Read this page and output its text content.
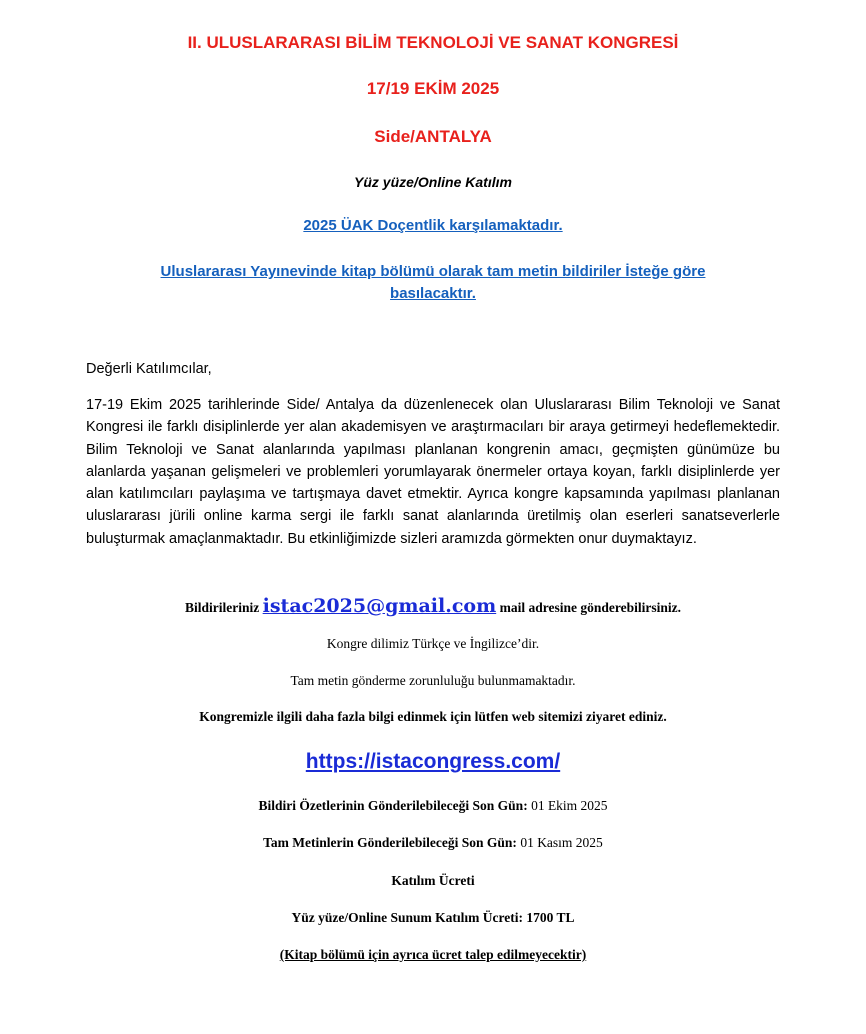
II. ULUSLARARASI BİLİM TEKNOLOJİ VE SANAT KONGRESİ
17/19 EKİM 2025
Side/ANTALYA
Yüz yüze/Online Katılım
2025 ÜAK Doçentlik karşılamaktadır.
Uluslararası Yayınevinde kitap bölümü olarak tam metin bildiriler İsteğe göre
basılacaktır.
Değerli Katılımcılar,
17-19 Ekim 2025 tarihlerinde Side/ Antalya da düzenlenecek olan Uluslararası Bilim Teknoloji ve Sanat Kongresi ile farklı disiplinlerde yer alan akademisyen ve araştırmacıları bir araya getirmeyi hedeflemektedir. Bilim Teknoloji ve Sanat alanlarında yapılması planlanan kongrenin amacı, geçmişten günümüze bu alanlarda yaşanan gelişmeleri ve problemleri yorumlayarak önermeler ortaya koyan, farklı disiplinlerde yer alan katılımcıları paylaşıma ve tartışmaya davet etmektir. Ayrıca kongre kapsamında yapılması planlanan uluslararası jürili online karma sergi ile farklı sanat alanlarında üretilmiş olan eserleri sanatseverlerle buluşturmak amaçlanmaktadır. Bu etkinliğimizde sizleri aramızda görmekten onur duymaktayız.
Bildirileriniz istac2025@gmail.com mail adresine gönderebilirsiniz.
Kongre dilimiz Türkçe ve İngilizce’dir.
Tam metin gönderme zorunluluğu bulunmamaktadır.
Kongremizle ilgili daha fazla bilgi edinmek için lütfen web sitemizi ziyaret ediniz.
https://istacongress.com/
Bildiri Özetlerinin Gönderilebileceği Son Gün: 01 Ekim 2025
Tam Metinlerin Gönderilebileceği Son Gün: 01 Kasım 2025
Katılım Ücreti
Yüz yüze/Online Sunum Katılım Ücreti: 1700 TL
(Kitap bölümü için ayrıca ücret talep edilmeyecektir)
